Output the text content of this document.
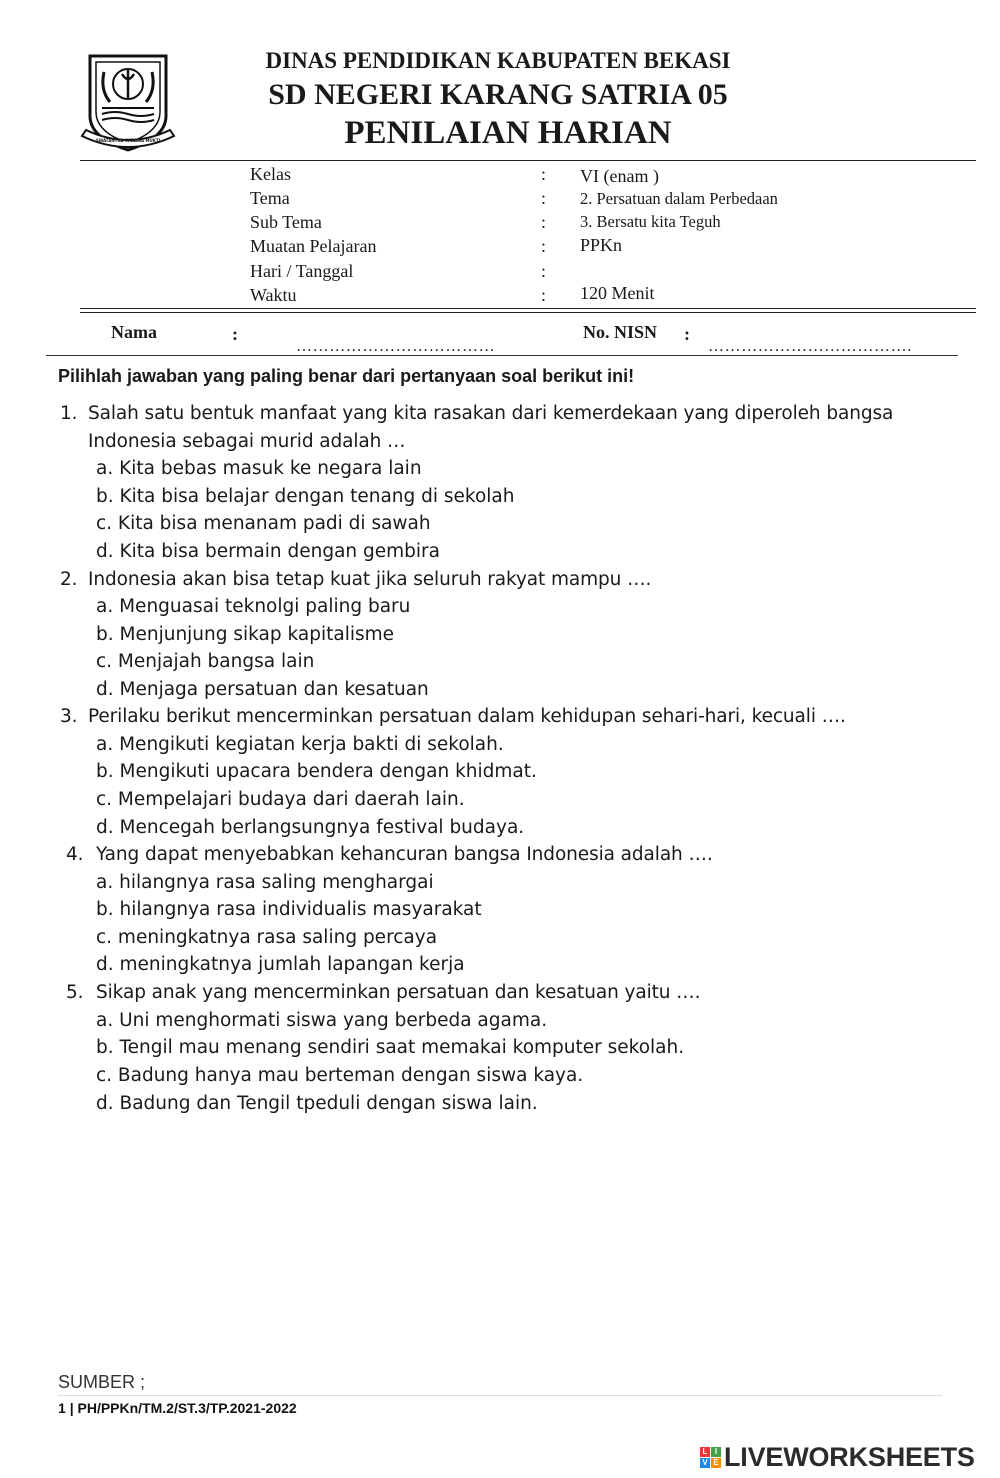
SWATANTRA WIBAWA MUKTI
DINAS PENDIDIKAN KABUPATEN BEKASI
SD NEGERI KARANG SATRIA 05
PENILAIAN HARIAN
Kelas
Tema
Sub Tema
Muatan Pelajaran
Hari / Tanggal
Waktu
:
:
:
:
:
:
VI (enam )
2. Persatuan dalam Perbedaan
3. Bersatu kita Teguh
PPKn
120 Menit
Nama	:
………………………………
No. NISN :
……………………………….
Pilihlah jawaban yang paling benar dari pertanyaan soal berikut ini!
1. Salah satu bentuk manfaat yang kita rasakan dari kemerdekaan yang diperoleh bangsa
Indonesia sebagai murid adalah …
a. Kita bebas masuk ke negara lain
b. Kita bisa belajar dengan tenang di sekolah
c. Kita bisa menanam padi di sawah
d. Kita bisa bermain dengan gembira
2. Indonesia akan bisa tetap kuat jika seluruh rakyat mampu ….
a. Menguasai teknolgi paling baru
b. Menjunjung sikap kapitalisme
c. Menjajah bangsa lain
d. Menjaga persatuan dan kesatuan
3. Perilaku berikut mencerminkan persatuan dalam kehidupan sehari-hari, kecuali ….
a. Mengikuti kegiatan kerja bakti di sekolah.
b. Mengikuti upacara bendera dengan khidmat.
c. Mempelajari budaya dari daerah lain.
d. Mencegah berlangsungnya festival budaya.
4. Yang dapat menyebabkan kehancuran bangsa Indonesia adalah ….
a. hilangnya rasa saling menghargai
b. hilangnya rasa individualis masyarakat
c. meningkatnya rasa saling percaya
d. meningkatnya jumlah lapangan kerja
5. Sikap anak yang mencerminkan persatuan dan kesatuan yaitu ….
a. Uni menghormati siswa yang berbeda agama.
b. Tengil mau menang sendiri saat memakai komputer sekolah.
c. Badung hanya mau berteman dengan siswa kaya.
d. Badung dan Tengil tpeduli dengan siswa lain.
SUMBER ;
1 | PH/PPKn/TM.2/ST.3/TP.2021-2022
L I
V E LIVEWORKSHEETS
